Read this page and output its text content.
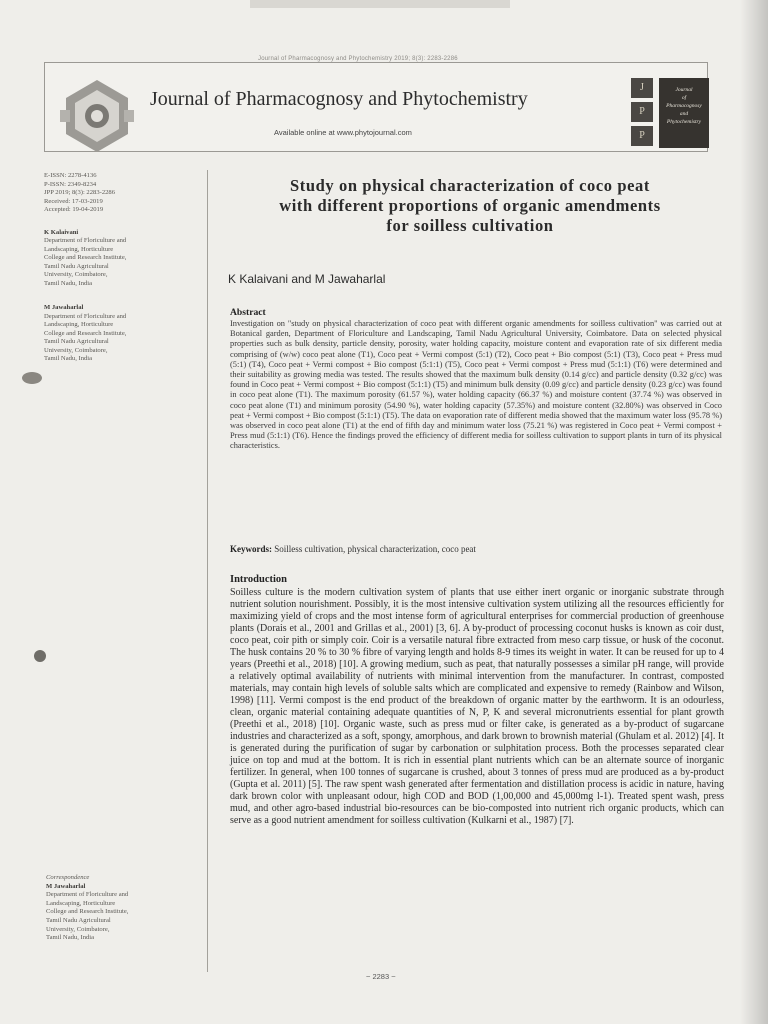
Journal of Pharmacognosy and Phytochemistry 2019; 8(3): 2283-2286
Journal of Pharmacognosy and Phytochemistry
Available online at www.phytojournal.com
J
P
P
Journal
of
Pharmacognosy
and
Phytochemistry
E-ISSN: 2278-4136
P-ISSN: 2349-8234
JPP 2019; 8(3): 2283-2286
Received: 17-03-2019
Accepted: 19-04-2019
K Kalaivani
Department of Floriculture and
Landscaping, Horticulture
College and Research Institute,
Tamil Nadu Agricultural
University, Coimbatore,
Tamil Nadu, India
M Jawaharlal
Department of Floriculture and
Landscaping, Horticulture
College and Research Institute,
Tamil Nadu Agricultural
University, Coimbatore,
Tamil Nadu, India
Correspondence
M Jawaharlal
Department of Floriculture and
Landscaping, Horticulture
College and Research Institute,
Tamil Nadu Agricultural
University, Coimbatore,
Tamil Nadu, India
Study on physical characterization of coco peat
with different proportions of organic amendments
for soilless cultivation
K Kalaivani and M Jawaharlal
Abstract
Investigation on "study on physical characterization of coco peat with different organic amendments for soilless cultivation" was carried out at Botanical garden, Department of Floriculture and Landscaping, Tamil Nadu Agricultural University, Coimbatore. Data on selected physical properties such as bulk density, particle density, porosity, water holding capacity, moisture content and evaporation rate of six different media comprising of (w/w) coco peat alone (T1), Coco peat + Vermi compost (5:1) (T2), Coco peat + Bio compost (5:1) (T3), Coco peat + Press mud (5:1) (T4), Coco peat + Vermi compost + Bio compost (5:1:1) (T5), Coco peat + Vermi compost + Press mud (5:1:1) (T6) were determined and their suitability as growing media was tested. The results showed that the maximum bulk density (0.14 g/cc) and particle density (0.32 g/cc) was found in Coco peat + Vermi compost + Bio compost (5:1:1) (T5) and minimum bulk density (0.09 g/cc) and particle density (0.23 g/cc) was found in coco peat alone (T1). The maximum porosity (61.57 %), water holding capacity (66.37 %) and moisture content (37.74 %) was observed in coco peat alone (T1) and minimum porosity (54.90 %), water holding capacity (57.35%) and moisture content (32.80%) was observed in Coco peat + Vermi compost + Bio compost (5:1:1) (T5). The data on evaporation rate of different media showed that the maximum water loss (95.78 %) was observed in coco peat alone (T1) at the end of fifth day and minimum water loss (75.21 %) was registered in Coco peat + Vermi compost + Press mud (5:1:1) (T6). Hence the findings proved the efficiency of different media for soilless cultivation to support plants in turn of its physical characteristics.
Keywords: Soilless cultivation, physical characterization, coco peat
Introduction
Soilless culture is the modern cultivation system of plants that use either inert organic or inorganic substrate through nutrient solution nourishment. Possibly, it is the most intensive cultivation system utilizing all the resources efficiently for maximizing yield of crops and the most intense form of agricultural enterprises for commercial production of greenhouse plants (Dorais et al., 2001 and Grillas et al., 2001) [3, 6]. A by-product of processing coconut husks is known as coir dust, coco peat, coir pith or simply coir. Coir is a versatile natural fibre extracted from meso carp tissue, or husk of the coconut. The husk contains 20 % to 30 % fibre of varying length and holds 8-9 times its weight in water. It can be reused for up to 4 years (Preethi et al., 2018) [10]. A growing medium, such as peat, that naturally possesses a similar pH range, will provide a relatively optimal availability of nutrients with minimal intervention from the manufacturer. In contrast, composted materials, may contain high levels of soluble salts which are complicated and expensive to remedy (Rainbow and Wilson, 1998) [11]. Vermi compost is the end product of the breakdown of organic matter by the earthworm. It is an odourless, clean, organic material containing adequate quantities of N, P, K and several micronutrients essential for plant growth (Preethi et al., 2018) [10]. Organic waste, such as press mud or filter cake, is generated as a by-product of sugarcane industries and characterized as a soft, spongy, amorphous, and dark brown to brownish material (Ghulam et al. 2012) [4]. It is generated during the purification of sugar by carbonation or sulphitation process. Both the processes separated clear juice on top and mud at the bottom. It is rich in essential plant nutrients which can be an alternate source of inorganic fertilizer. In general, when 100 tonnes of sugarcane is crushed, about 3 tonnes of press mud are produced as a by-product (Gupta et al. 2011) [5]. The raw spent wash generated after fermentation and distillation process is acidic in nature, having dark brown color with unpleasant odour, high COD and BOD (1,00,000 and 45,000mg l-1). Treated spent wash, press mud, and other agro-based industrial bio-resources can be bio-composted into nutrient rich organic products, which can serve as a good nutrient amendment for soilless cultivation (Kulkarni et al., 1987) [7].
~ 2283 ~
